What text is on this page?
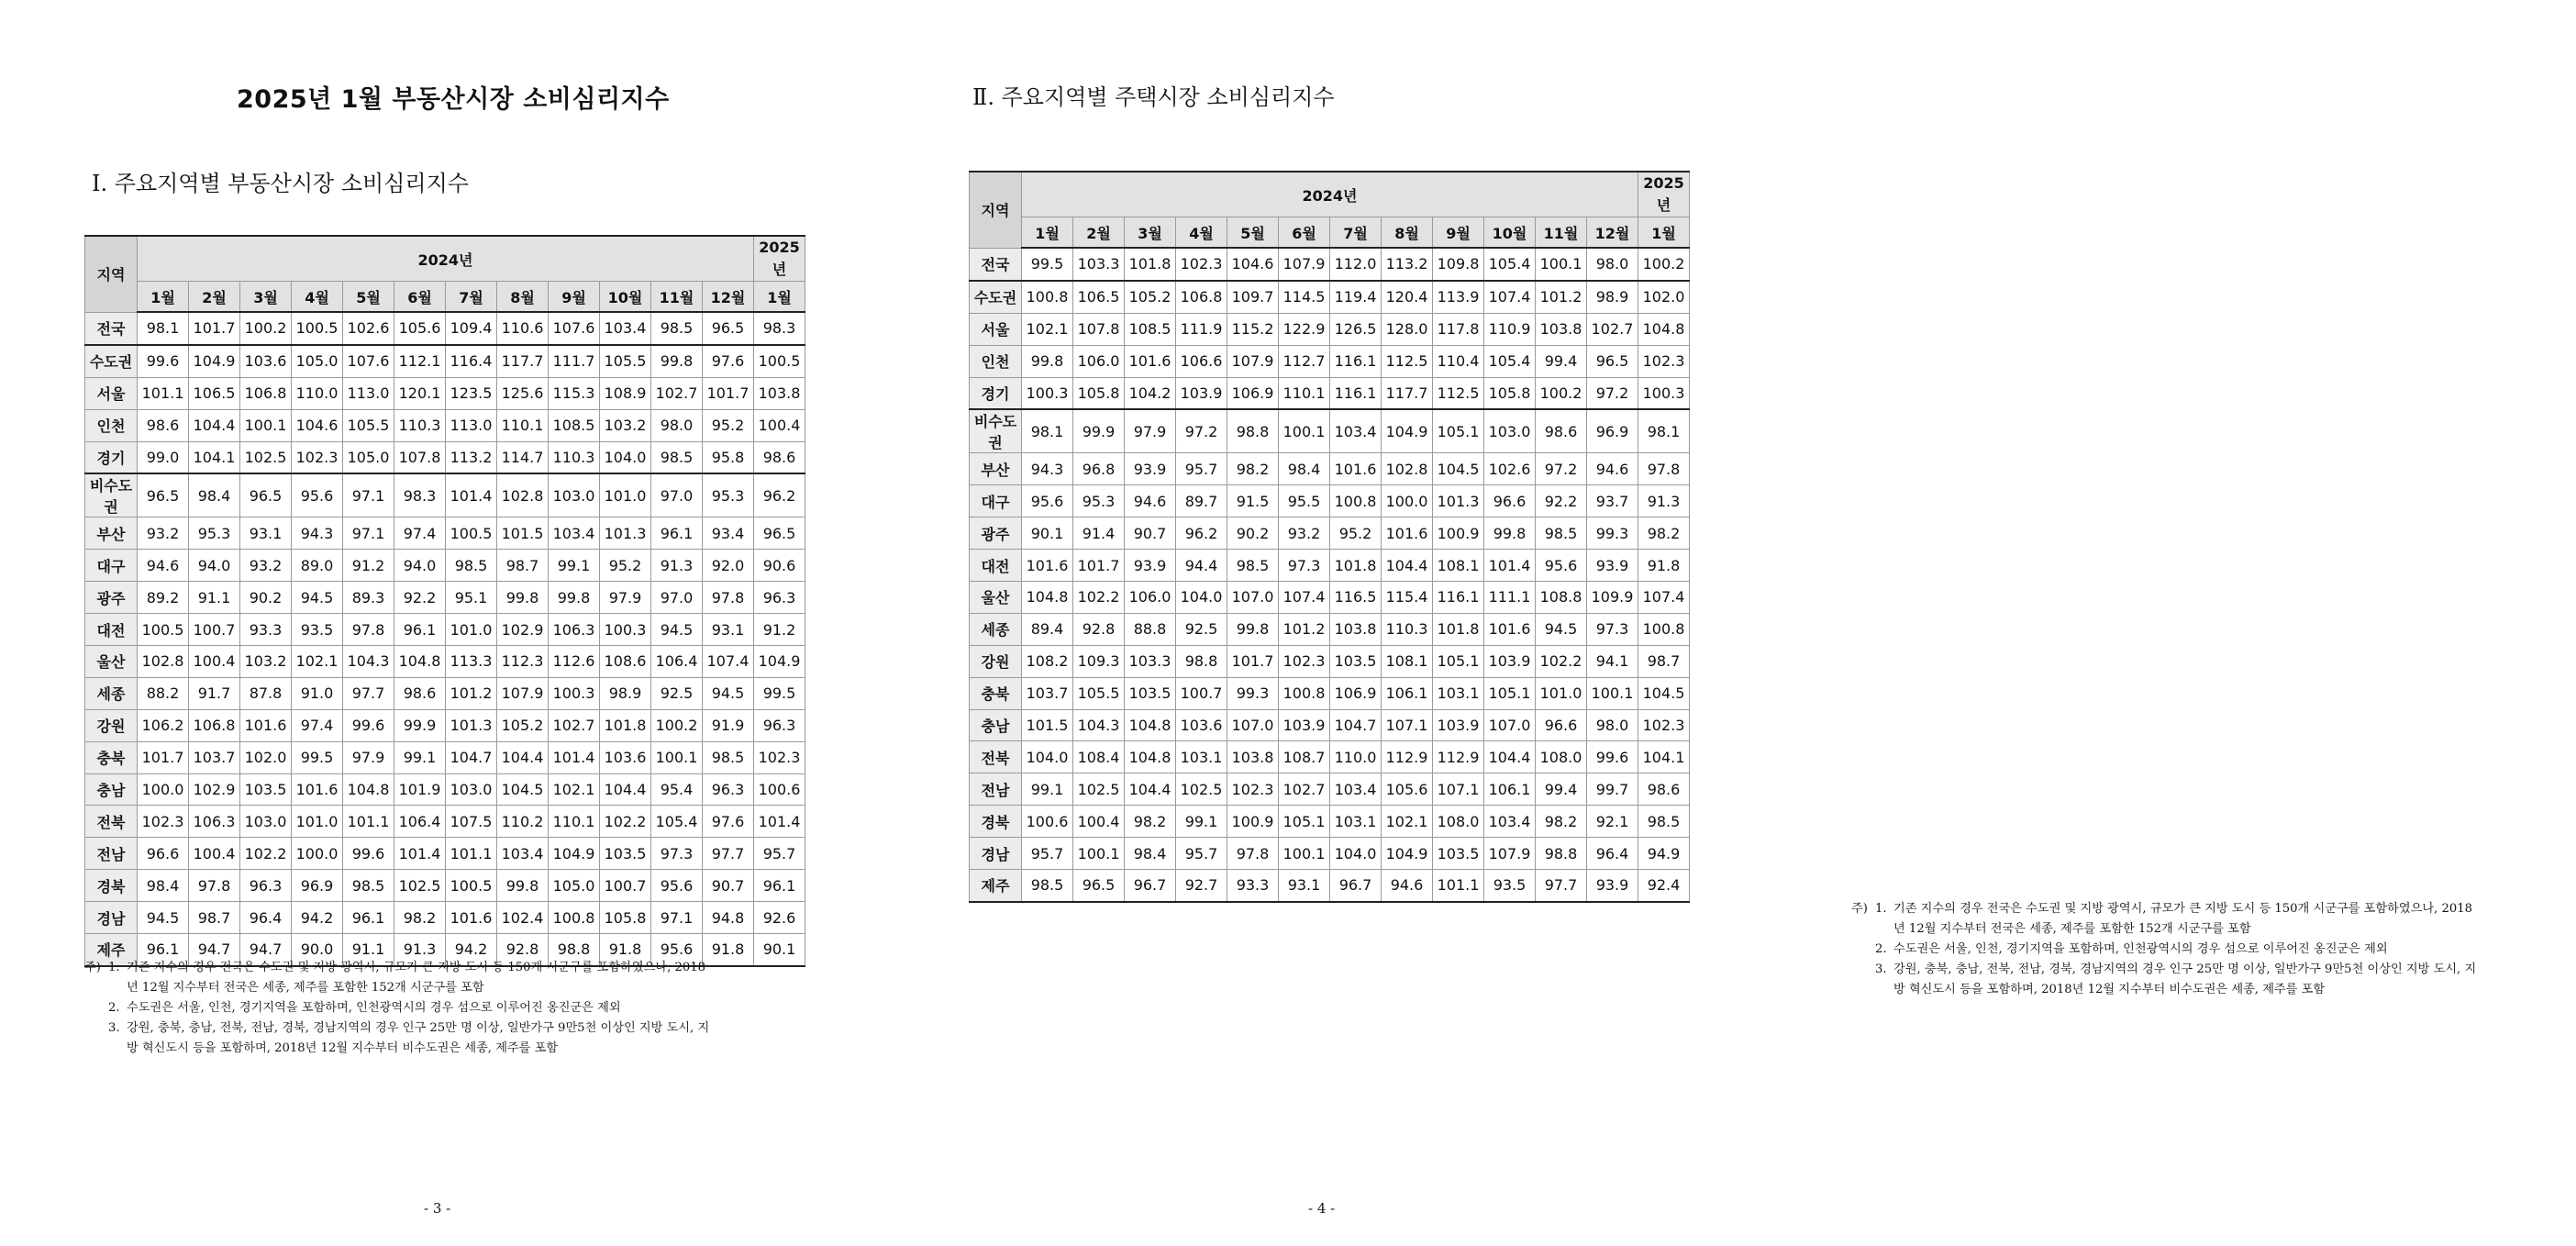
2025년 1월 부동산시장 소비심리지수
Ⅰ. 주요지역별 부동산시장 소비심리지수
지역	2024년												2025
년
	1월	2월	3월	4월	5월	6월	7월	8월	9월	10월	11월	12월	1월
전국	98.1	101.7	100.2	100.5	102.6	105.6	109.4	110.6	107.6	103.4	98.5	96.5	98.3
수도권	99.6	104.9	103.6	105.0	107.6	112.1	116.4	117.7	111.7	105.5	99.8	97.6	100.5
서울	101.1	106.5	106.8	110.0	113.0	120.1	123.5	125.6	115.3	108.9	102.7	101.7	103.8
인천	98.6	104.4	100.1	104.6	105.5	110.3	113.0	110.1	108.5	103.2	98.0	95.2	100.4
경기	99.0	104.1	102.5	102.3	105.0	107.8	113.2	114.7	110.3	104.0	98.5	95.8	98.6
비수도권	96.5	98.4	96.5	95.6	97.1	98.3	101.4	102.8	103.0	101.0	97.0	95.3	96.2
부산	93.2	95.3	93.1	94.3	97.1	97.4	100.5	101.5	103.4	101.3	96.1	93.4	96.5
대구	94.6	94.0	93.2	89.0	91.2	94.0	98.5	98.7	99.1	95.2	91.3	92.0	90.6
광주	89.2	91.1	90.2	94.5	89.3	92.2	95.1	99.8	99.8	97.9	97.0	97.8	96.3
대전	100.5	100.7	93.3	93.5	97.8	96.1	101.0	102.9	106.3	100.3	94.5	93.1	91.2
울산	102.8	100.4	103.2	102.1	104.3	104.8	113.3	112.3	112.6	108.6	106.4	107.4	104.9
세종	88.2	91.7	87.8	91.0	97.7	98.6	101.2	107.9	100.3	98.9	92.5	94.5	99.5
강원	106.2	106.8	101.6	97.4	99.6	99.9	101.3	105.2	102.7	101.8	100.2	91.9	96.3
충북	101.7	103.7	102.0	99.5	97.9	99.1	104.7	104.4	101.4	103.6	100.1	98.5	102.3
충남	100.0	102.9	103.5	101.6	104.8	101.9	103.0	104.5	102.1	104.4	95.4	96.3	100.6
전북	102.3	106.3	103.0	101.0	101.1	106.4	107.5	110.2	110.1	102.2	105.4	97.6	101.4
전남	96.6	100.4	102.2	100.0	99.6	101.4	101.1	103.4	104.9	103.5	97.3	97.7	95.7
경북	98.4	97.8	96.3	96.9	98.5	102.5	100.5	99.8	105.0	100.7	95.6	90.7	96.1
경남	94.5	98.7	96.4	94.2	96.1	98.2	101.6	102.4	100.8	105.8	97.1	94.8	92.6
제주	96.1	94.7	94.7	90.0	91.1	91.3	94.2	92.8	98.8	91.8	95.6	91.8	90.1
주) 1. 기존 지수의 경우 전국은 수도권 및 지방 광역시, 규모가 큰 지방 도시 등 150개 시군구를 포함하였으나, 2018
년 12월 지수부터 전국은 세종, 제주를 포함한 152개 시군구를 포함
2. 수도권은 서울, 인천, 경기지역을 포함하며, 인천광역시의 경우 섬으로 이루어진 옹진군은 제외
3. 강원, 충북, 충남, 전북, 전남, 경북, 경남지역의 경우 인구 25만 명 이상, 일반가구 9만5천 이상인 지방 도시, 지
방 혁신도시 등을 포함하며, 2018년 12월 지수부터 비수도권은 세종, 제주를 포함
- 3 -
Ⅱ. 주요지역별 주택시장 소비심리지수
지역	2024년												2025
년
	1월	2월	3월	4월	5월	6월	7월	8월	9월	10월	11월	12월	1월
전국	99.5	103.3	101.8	102.3	104.6	107.9	112.0	113.2	109.8	105.4	100.1	98.0	100.2
수도권	100.8	106.5	105.2	106.8	109.7	114.5	119.4	120.4	113.9	107.4	101.2	98.9	102.0
서울	102.1	107.8	108.5	111.9	115.2	122.9	126.5	128.0	117.8	110.9	103.8	102.7	104.8
인천	99.8	106.0	101.6	106.6	107.9	112.7	116.1	112.5	110.4	105.4	99.4	96.5	102.3
경기	100.3	105.8	104.2	103.9	106.9	110.1	116.1	117.7	112.5	105.8	100.2	97.2	100.3
비수도권	98.1	99.9	97.9	97.2	98.8	100.1	103.4	104.9	105.1	103.0	98.6	96.9	98.1
부산	94.3	96.8	93.9	95.7	98.2	98.4	101.6	102.8	104.5	102.6	97.2	94.6	97.8
대구	95.6	95.3	94.6	89.7	91.5	95.5	100.8	100.0	101.3	96.6	92.2	93.7	91.3
광주	90.1	91.4	90.7	96.2	90.2	93.2	95.2	101.6	100.9	99.8	98.5	99.3	98.2
대전	101.6	101.7	93.9	94.4	98.5	97.3	101.8	104.4	108.1	101.4	95.6	93.9	91.8
울산	104.8	102.2	106.0	104.0	107.0	107.4	116.5	115.4	116.1	111.1	108.8	109.9	107.4
세종	89.4	92.8	88.8	92.5	99.8	101.2	103.8	110.3	101.8	101.6	94.5	97.3	100.8
강원	108.2	109.3	103.3	98.8	101.7	102.3	103.5	108.1	105.1	103.9	102.2	94.1	98.7
충북	103.7	105.5	103.5	100.7	99.3	100.8	106.9	106.1	103.1	105.1	101.0	100.1	104.5
충남	101.5	104.3	104.8	103.6	107.0	103.9	104.7	107.1	103.9	107.0	96.6	98.0	102.3
전북	104.0	108.4	104.8	103.1	103.8	108.7	110.0	112.9	112.9	104.4	108.0	99.6	104.1
전남	99.1	102.5	104.4	102.5	102.3	102.7	103.4	105.6	107.1	106.1	99.4	99.7	98.6
경북	100.6	100.4	98.2	99.1	100.9	105.1	103.1	102.1	108.0	103.4	98.2	92.1	98.5
경남	95.7	100.1	98.4	95.7	97.8	100.1	104.0	104.9	103.5	107.9	98.8	96.4	94.9
제주	98.5	96.5	96.7	92.7	93.3	93.1	96.7	94.6	101.1	93.5	97.7	93.9	92.4
주) 1. 기존 지수의 경우 전국은 수도권 및 지방 광역시, 규모가 큰 지방 도시 등 150개 시군구를 포함하였으나, 2018
년 12월 지수부터 전국은 세종, 제주를 포함한 152개 시군구를 포함
2. 수도권은 서울, 인천, 경기지역을 포함하며, 인천광역시의 경우 섬으로 이루어진 옹진군은 제외
3. 강원, 충북, 충남, 전북, 전남, 경북, 경남지역의 경우 인구 25만 명 이상, 일반가구 9만5천 이상인 지방 도시, 지
방 혁신도시 등을 포함하며, 2018년 12월 지수부터 비수도권은 세종, 제주를 포함
- 4 -
